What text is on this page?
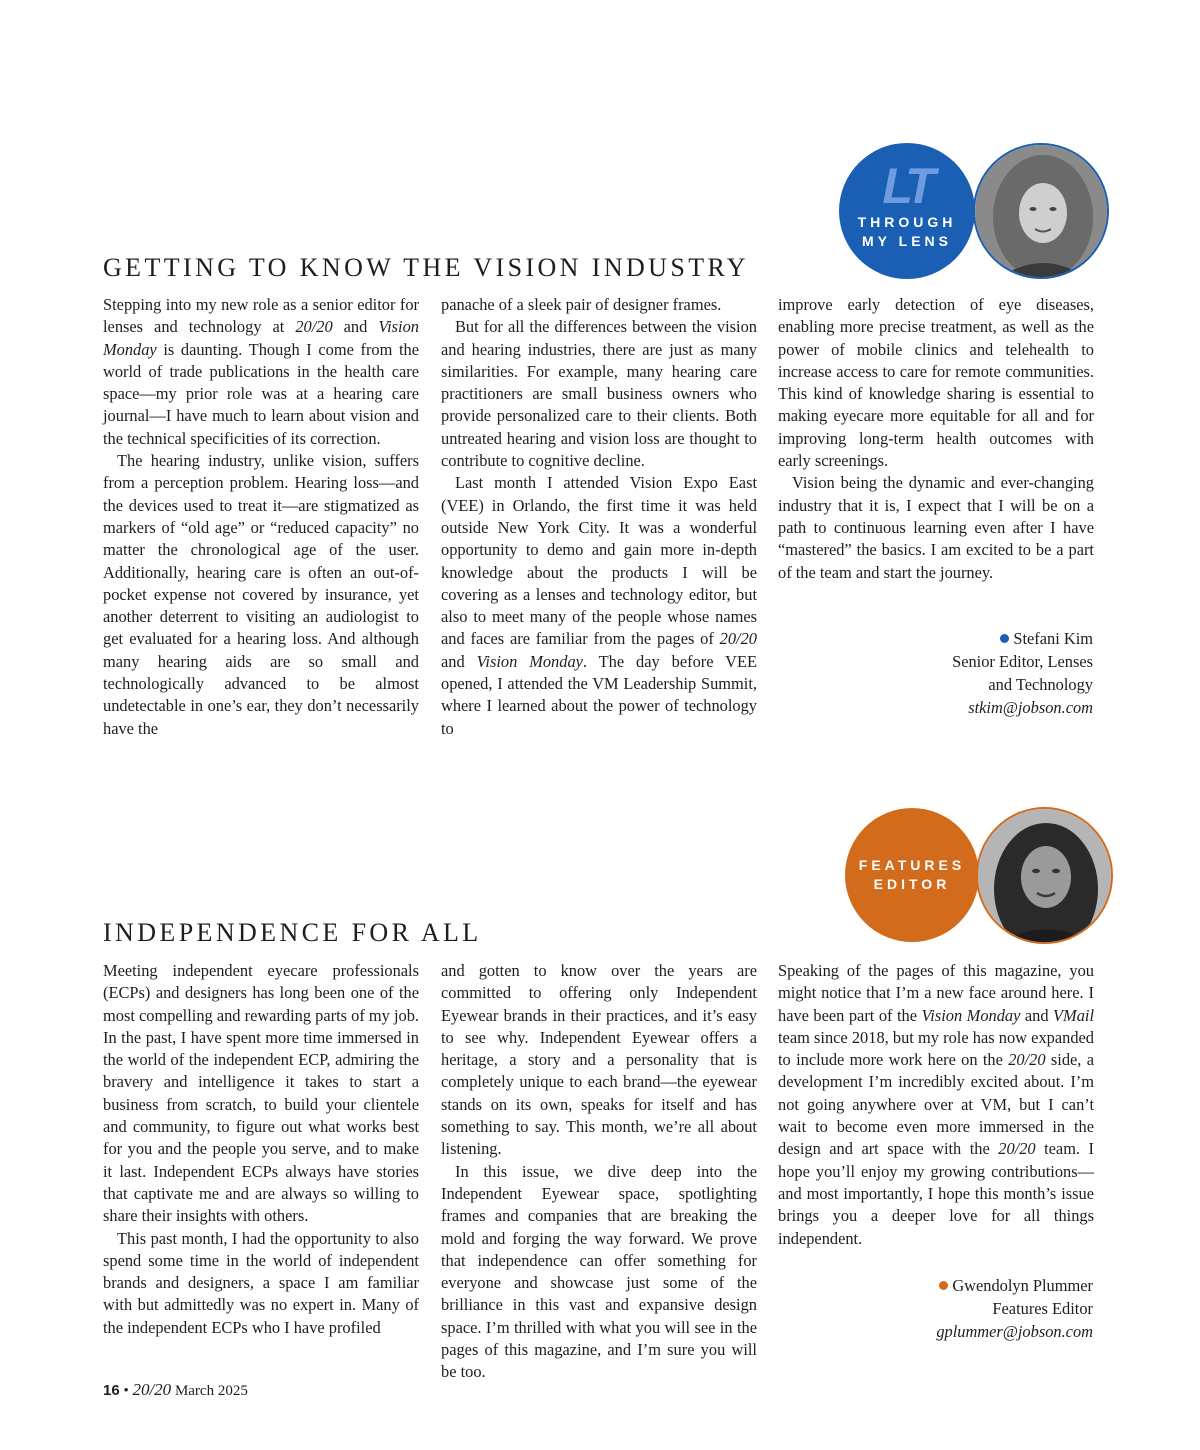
LT
THROUGH
MY LENS
GETTING TO KNOW THE VISION INDUSTRY

Stepping into my new role as a senior editor for lenses and technology at 20/20 and Vision Monday is daunting. Though I come from the world of trade publications in the health care space—my prior role was at a hearing care journal—I have much to learn about vision and the technical specificities of its correction.

The hearing industry, unlike vision, suffers from a perception problem. Hearing loss—and the devices used to treat it—are stigmatized as markers of “old age” or “reduced capacity” no matter the chronological age of the user. Additionally, hearing care is often an out-of-pocket expense not covered by insurance, yet another deterrent to visiting an audiologist to get evaluated for a hearing loss. And although many hearing aids are so small and technologically advanced to be almost undetectable in one’s ear, they don’t necessarily have the

panache of a sleek pair of designer frames.

But for all the differences between the vision and hearing industries, there are just as many similarities. For example, many hearing care practitioners are small business owners who provide personalized care to their clients. Both untreated hearing and vision loss are thought to contribute to cognitive decline.

Last month I attended Vision Expo East (VEE) in Orlando, the first time it was held outside New York City. It was a wonderful opportunity to demo and gain more in-depth knowledge about the products I will be covering as a lenses and technology editor, but also to meet many of the people whose names and faces are familiar from the pages of 20/20 and Vision Monday. The day before VEE opened, I attended the VM Leadership Summit, where I learned about the power of technology to

improve early detection of eye diseases, enabling more precise treatment, as well as the power of mobile clinics and telehealth to increase access to care for remote communities. This kind of knowledge sharing is essential to making eyecare more equitable for all and for improving long-term health outcomes with early screenings.

Vision being the dynamic and ever-changing industry that it is, I expect that I will be on a path to continuous learning even after I have “mastered” the basics. I am excited to be a part of the team and start the journey.

Stefani Kim
Senior Editor, Lenses
and Technology
stkim@jobson.com
FEATURES
EDITOR
INDEPENDENCE FOR ALL

Meeting independent eyecare professionals (ECPs) and designers has long been one of the most compelling and rewarding parts of my job. In the past, I have spent more time immersed in the world of the independent ECP, admiring the bravery and intelligence it takes to start a business from scratch, to build your clientele and community, to figure out what works best for you and the people you serve, and to make it last. Independent ECPs always have stories that captivate me and are always so willing to share their insights with others.

This past month, I had the opportunity to also spend some time in the world of independent brands and designers, a space I am familiar with but admittedly was no expert in. Many of the independent ECPs who I have profiled

and gotten to know over the years are committed to offering only Independent Eyewear brands in their practices, and it’s easy to see why. Independent Eyewear offers a heritage, a story and a personality that is completely unique to each brand—the eyewear stands on its own, speaks for itself and has something to say. This month, we’re all about listening.

In this issue, we dive deep into the Independent Eyewear space, spotlighting frames and companies that are breaking the mold and forging the way forward. We prove that independence can offer something for everyone and showcase just some of the brilliance in this vast and expansive design space. I’m thrilled with what you will see in the pages of this magazine, and I’m sure you will be too.

Speaking of the pages of this magazine, you might notice that I’m a new face around here. I have been part of the Vision Monday and VMail team since 2018, but my role has now expanded to include more work here on the 20/20 side, a development I’m incredibly excited about. I’m not going anywhere over at VM, but I can’t wait to become even more immersed in the design and art space with the 20/20 team. I hope you’ll enjoy my growing contributions—and most importantly, I hope this month’s issue brings you a deeper love for all things independent.

Gwendolyn Plummer
Features Editor
gplummer@jobson.com
16 • 20/20 March 2025
